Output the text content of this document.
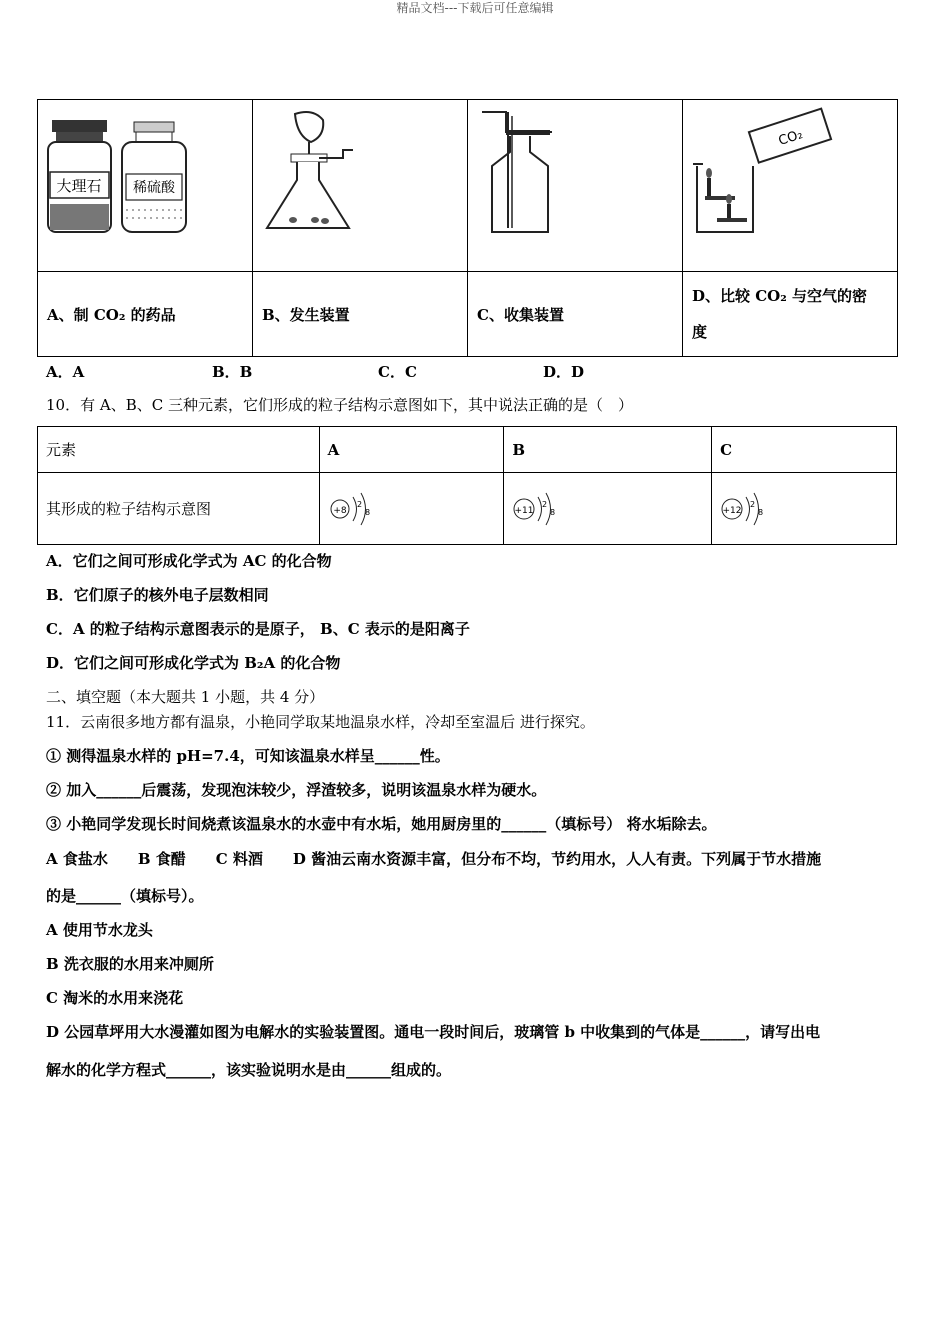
精品文档---下载后可任意编辑
大理石 稀硫酸			CO₂

A、制 CO₂ 的药品	B、发生装置	C、收集装置	D、比较 CO₂ 与空气的密
度
A．A	B．B	C．C	D．D
10．有 A、B、C 三种元素，它们形成的粒子结构示意图如下，其中说法正确的是（　）
元素	A	B	C
其形成的粒子结构示意图	+8
2
8	+11
2
8	+12
2
8
A．它们之间可形成化学式为 AC 的化合物
B．它们原子的核外电子层数相同
C．A 的粒子结构示意图表示的是原子， B、C 表示的是阳离子
D．它们之间可形成化学式为 B₂A 的化合物
二、填空题（本大题共 1 小题，共 4 分）
11．云南很多地方都有温泉，小艳同学取某地温泉水样，冷却至室温后 进行探究。
① 测得温泉水样的 pH=7.4，可知该温泉水样呈______性。
② 加入______后震荡，发现泡沫较少，浮渣较多，说明该温泉水样为硬水。
③ 小艳同学发现长时间烧煮该温泉水的水壶中有水垢，她用厨房里的______（填标号） 将水垢除去。
A 食盐水　　B 食醋　　C 料酒　　D 酱油云南水资源丰富，但分布不均，节约用水，人人有责。下列属于节水措施
的是______（填标号）。
A 使用节水龙头
B 洗衣服的水用来冲厕所
C 淘米的水用来浇花
D 公园草坪用大水漫灌如图为电解水的实验装置图。通电一段时间后，玻璃管 b 中收集到的气体是______，请写出电
解水的化学方程式______，该实验说明水是由______组成的。
